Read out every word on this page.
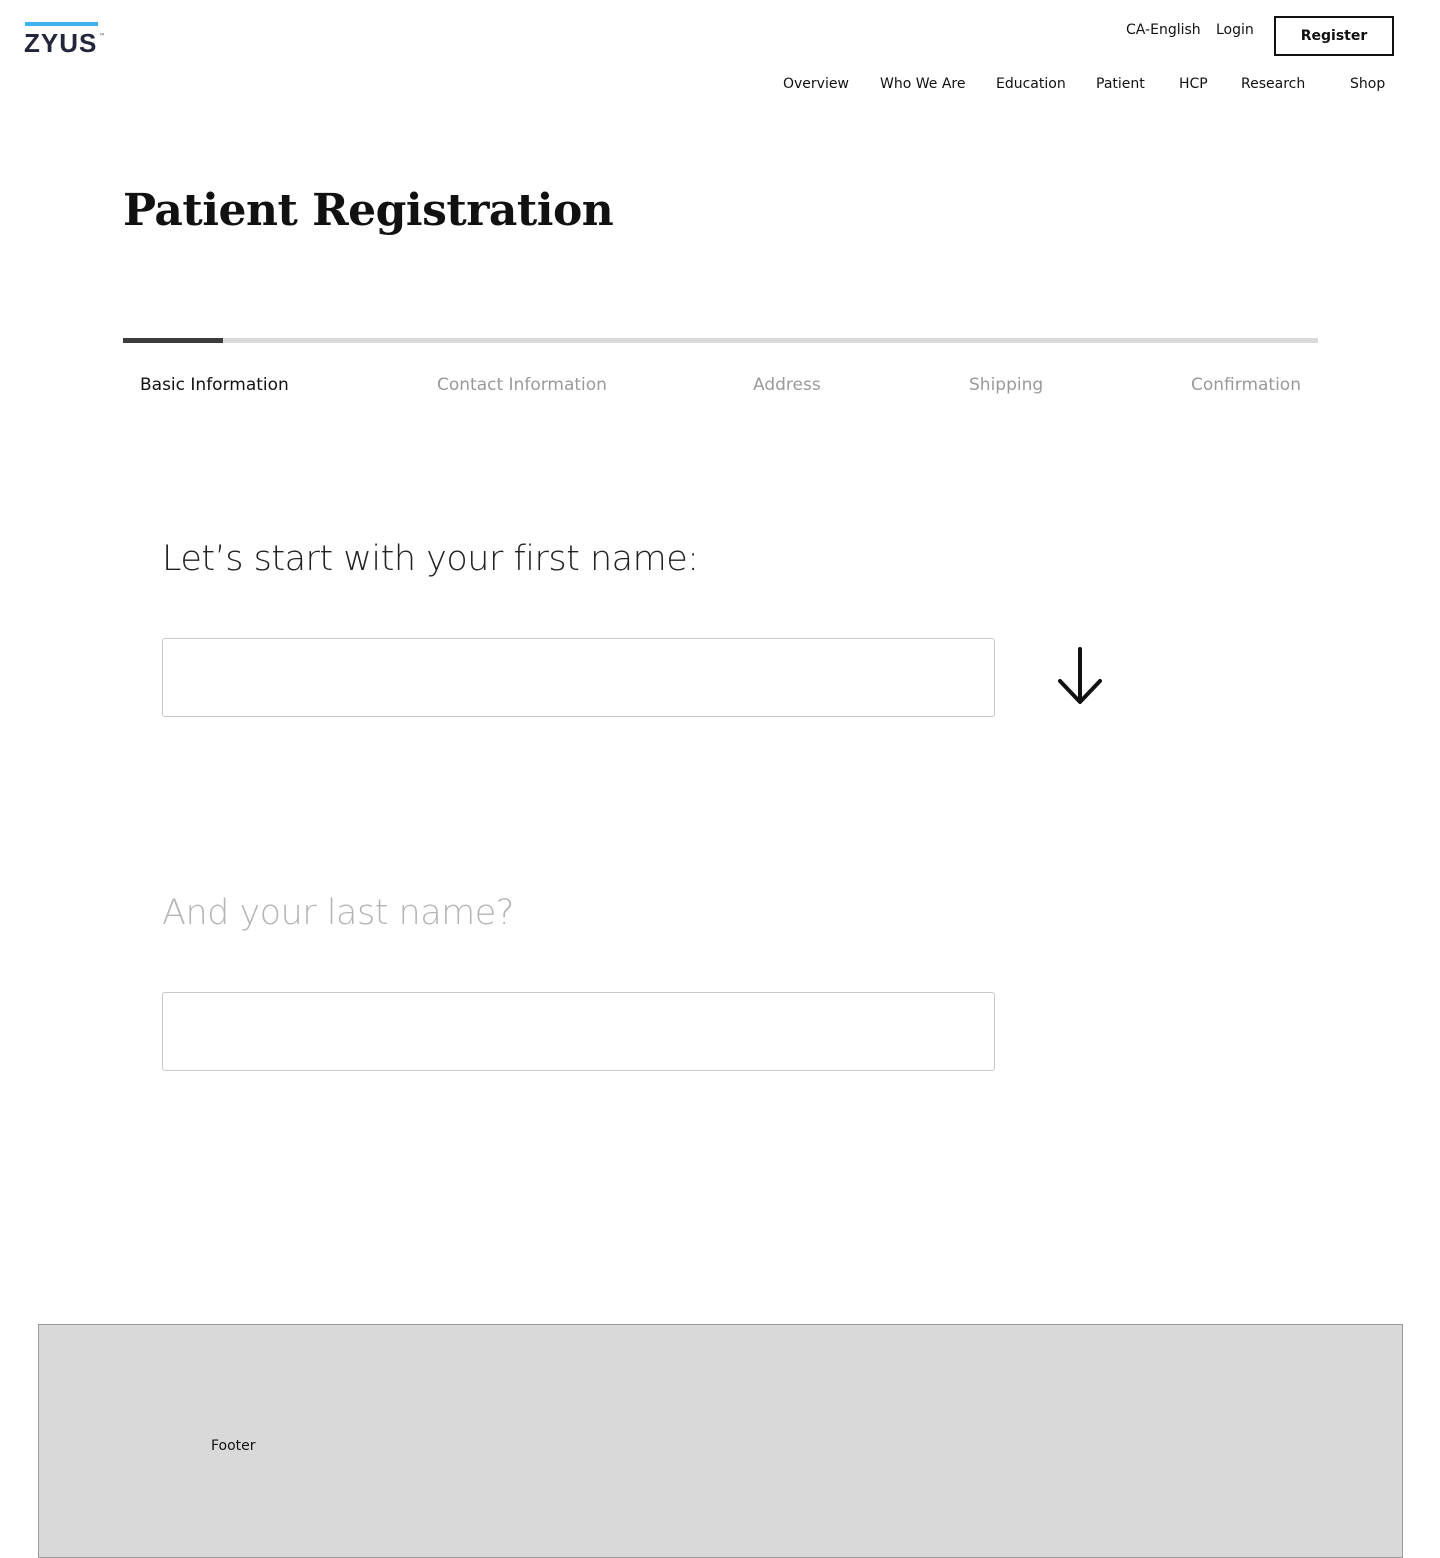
ZYUS ™	CA-English Login	Register
Overview Who We Are Education Patient HCP Research	Shop
Patient Registration
Basic Information	Contact Information	Address	Shipping	Confirmation
Let’s start with your first name:
And your last name?
Footer
